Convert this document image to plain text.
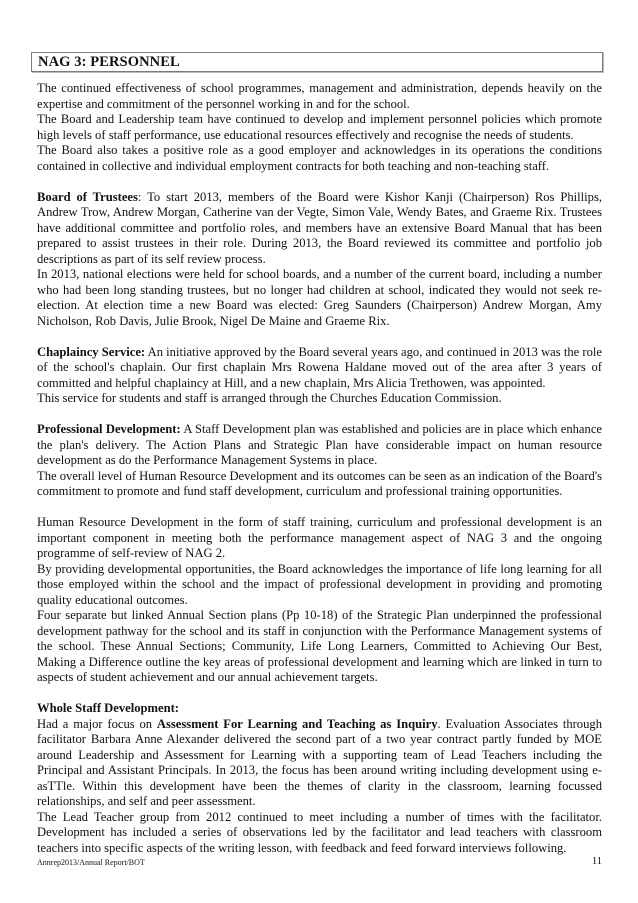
NAG 3: PERSONNEL

The continued effectiveness of school programmes, management and administration, depends heavily on the expertise and commitment of the personnel working in and for the school.

The Board and Leadership team have continued to develop and implement personnel policies which promote high levels of staff performance, use educational resources effectively and recognise the needs of students.

The Board also takes a positive role as a good employer and acknowledges in its operations the conditions contained in collective and individual employment contracts for both teaching and non-teaching staff.

Board of Trustees: To start 2013, members of the Board were Kishor Kanji (Chairperson) Ros Phillips, Andrew Trow, Andrew Morgan, Catherine van der Vegte, Simon Vale, Wendy Bates, and Graeme Rix. Trustees have additional committee and portfolio roles, and members have an extensive Board Manual that has been prepared to assist trustees in their role. During 2013, the Board reviewed its committee and portfolio job descriptions as part of its self review process.

In 2013, national elections were held for school boards, and a number of the current board, including a number who had been long standing trustees, but no longer had children at school, indicated they would not seek re-election. At election time a new Board was elected: Greg Saunders (Chairperson) Andrew Morgan, Amy Nicholson, Rob Davis, Julie Brook, Nigel De Maine and Graeme Rix.

Chaplaincy Service: An initiative approved by the Board several years ago, and continued in 2013 was the role of the school's chaplain. Our first chaplain Mrs Rowena Haldane moved out of the area after 3 years of committed and helpful chaplaincy at Hill, and a new chaplain, Mrs Alicia Trethowen, was appointed.

This service for students and staff is arranged through the Churches Education Commission.

Professional Development: A Staff Development plan was established and policies are in place which enhance the plan's delivery. The Action Plans and Strategic Plan have considerable impact on human resource development as do the Performance Management Systems in place.

The overall level of Human Resource Development and its outcomes can be seen as an indication of the Board's commitment to promote and fund staff development, curriculum and professional training opportunities.

Human Resource Development in the form of staff training, curriculum and professional development is an important component in meeting both the performance management aspect of NAG 3 and the ongoing programme of self-review of NAG 2.

By providing developmental opportunities, the Board acknowledges the importance of life long learning for all those employed within the school and the impact of professional development in providing and promoting quality educational outcomes.

Four separate but linked Annual Section plans (Pp 10-18) of the Strategic Plan underpinned the professional development pathway for the school and its staff in conjunction with the Performance Management systems of the school. These Annual Sections; Community, Life Long Learners, Committed to Achieving Our Best, Making a Difference outline the key areas of professional development and learning which are linked in turn to aspects of student achievement and our annual achievement targets.

Whole Staff Development:

Had a major focus on Assessment For Learning and Teaching as Inquiry. Evaluation Associates through facilitator Barbara Anne Alexander delivered the second part of a two year contract partly funded by MOE around Leadership and Assessment for Learning with a supporting team of Lead Teachers including the Principal and Assistant Principals. In 2013, the focus has been around writing including development using e-asTTle. Within this development have been the themes of clarity in the classroom, learning focussed relationships, and self and peer assessment.

The Lead Teacher group from 2012 continued to meet including a number of times with the facilitator. Development has included a series of observations led by the facilitator and lead teachers with classroom teachers into specific aspects of the writing lesson, with feedback and feed forward interviews following.

Annrep2013/Annual Report/BOT	11
